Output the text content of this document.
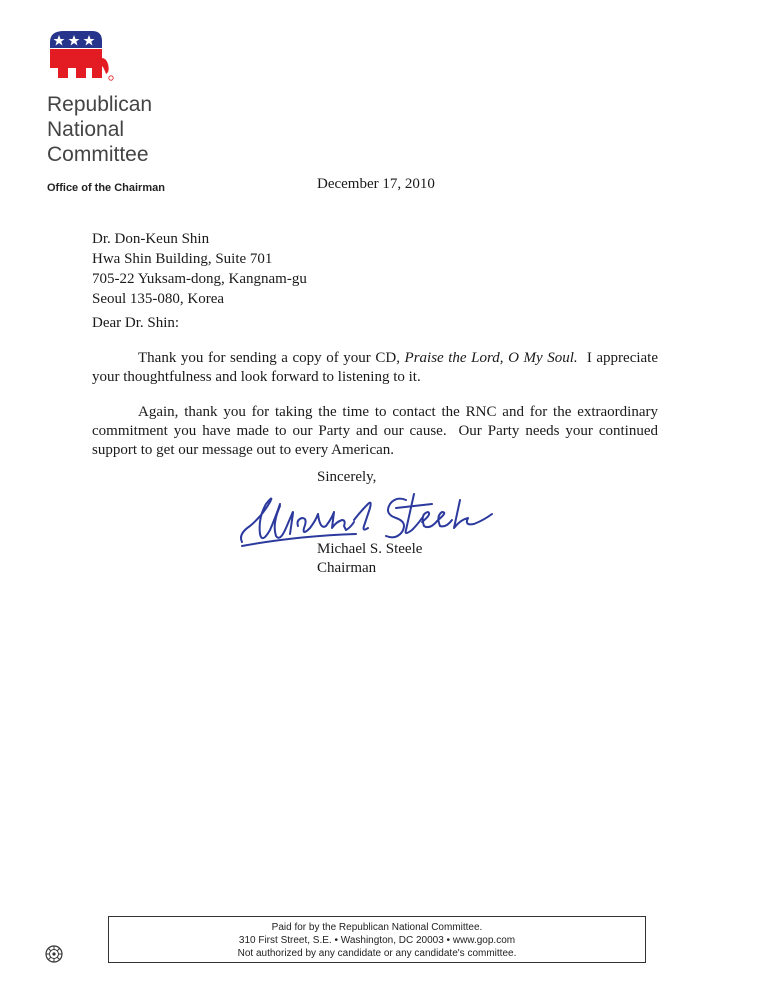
Republican
National
Committee
Office of the Chairman	December 17, 2010
Dr. Don-Keun Shin
Hwa Shin Building, Suite 701
705-22 Yuksam-dong, Kangnam-gu
Seoul 135-080, Korea
Dear Dr. Shin:
Thank you for sending a copy of your CD, Praise the Lord, O My Soul.  I appreciate your thoughtfulness and look forward to listening to it.
Again, thank you for taking the time to contact the RNC and for the extraordinary commitment you have made to our Party and our cause.  Our Party needs your continued support to get our message out to every American.
Sincerely,
Michael S. Steele
Chairman
Paid for by the Republican National Committee.
310 First Street, S.E. • Washington, DC 20003 • www.gop.com
Not authorized by any candidate or any candidate's committee.
